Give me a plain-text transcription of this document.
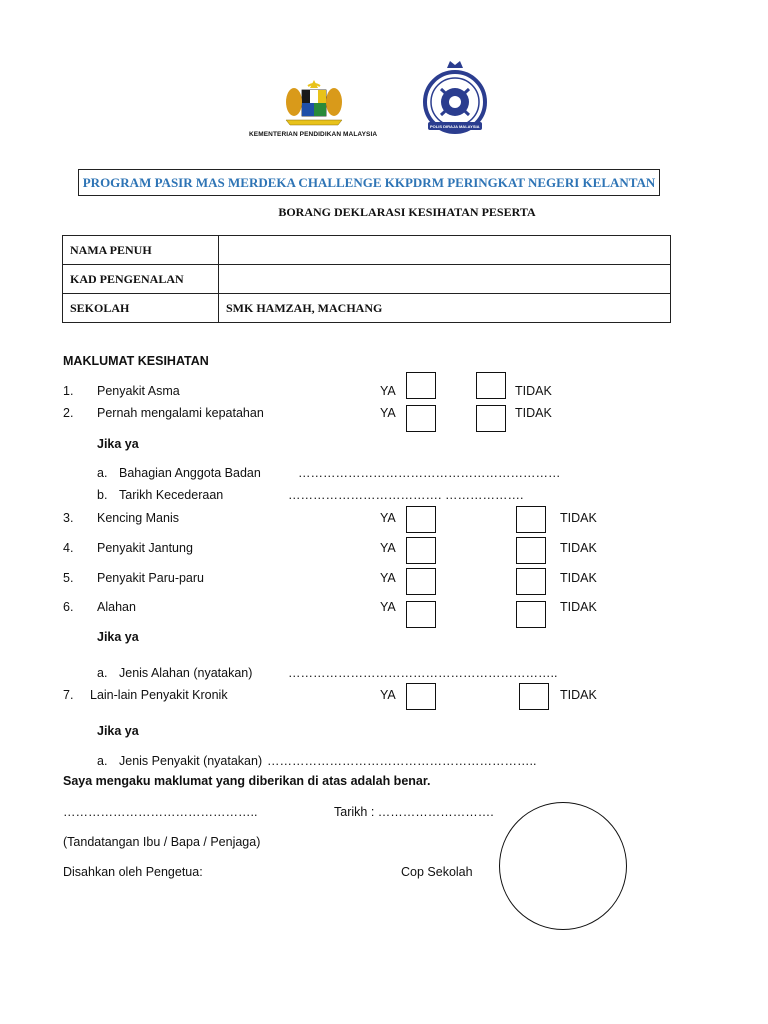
KEMENTERIAN PENDIDIKAN MALAYSIA
POLIS DIRAJA MALAYSIA
PROGRAM PASIR MAS MERDEKA CHALLENGE KKPDRM PERINGKAT NEGERI KELANTAN
BORANG DEKLARASI KESIHATAN PESERTA
NAMA PENUH	
KAD PENGENALAN	
SEKOLAH	SMK HAMZAH, MACHANG
MAKLUMAT KESIHATAN
1. Penyakit Asma	YA	TIDAK
2. Pernah mengalami kepatahan	YA	TIDAK
Jika ya
a. Bahagian Anggota Badan	………………………………………………………
b. Tarikh Kecederaan	………………………………. ……………….
3. Kencing Manis	YA	TIDAK
4. Penyakit Jantung	YA	TIDAK
5. Penyakit Paru-paru	YA	TIDAK
6. Alahan	YA	TIDAK
Jika ya
a. Jenis Alahan (nyatakan)	………………………………………………………..
7. Lain-lain Penyakit Kronik	YA	TIDAK
Jika ya
a. Jenis Penyakit (nyatakan) ………………………………………………………..
Saya mengaku maklumat yang diberikan di atas adalah benar.
………………………………………..	Tarikh : ……………………….
(Tandatangan Ibu / Bapa / Penjaga)
Disahkan oleh Pengetua:	Cop Sekolah
